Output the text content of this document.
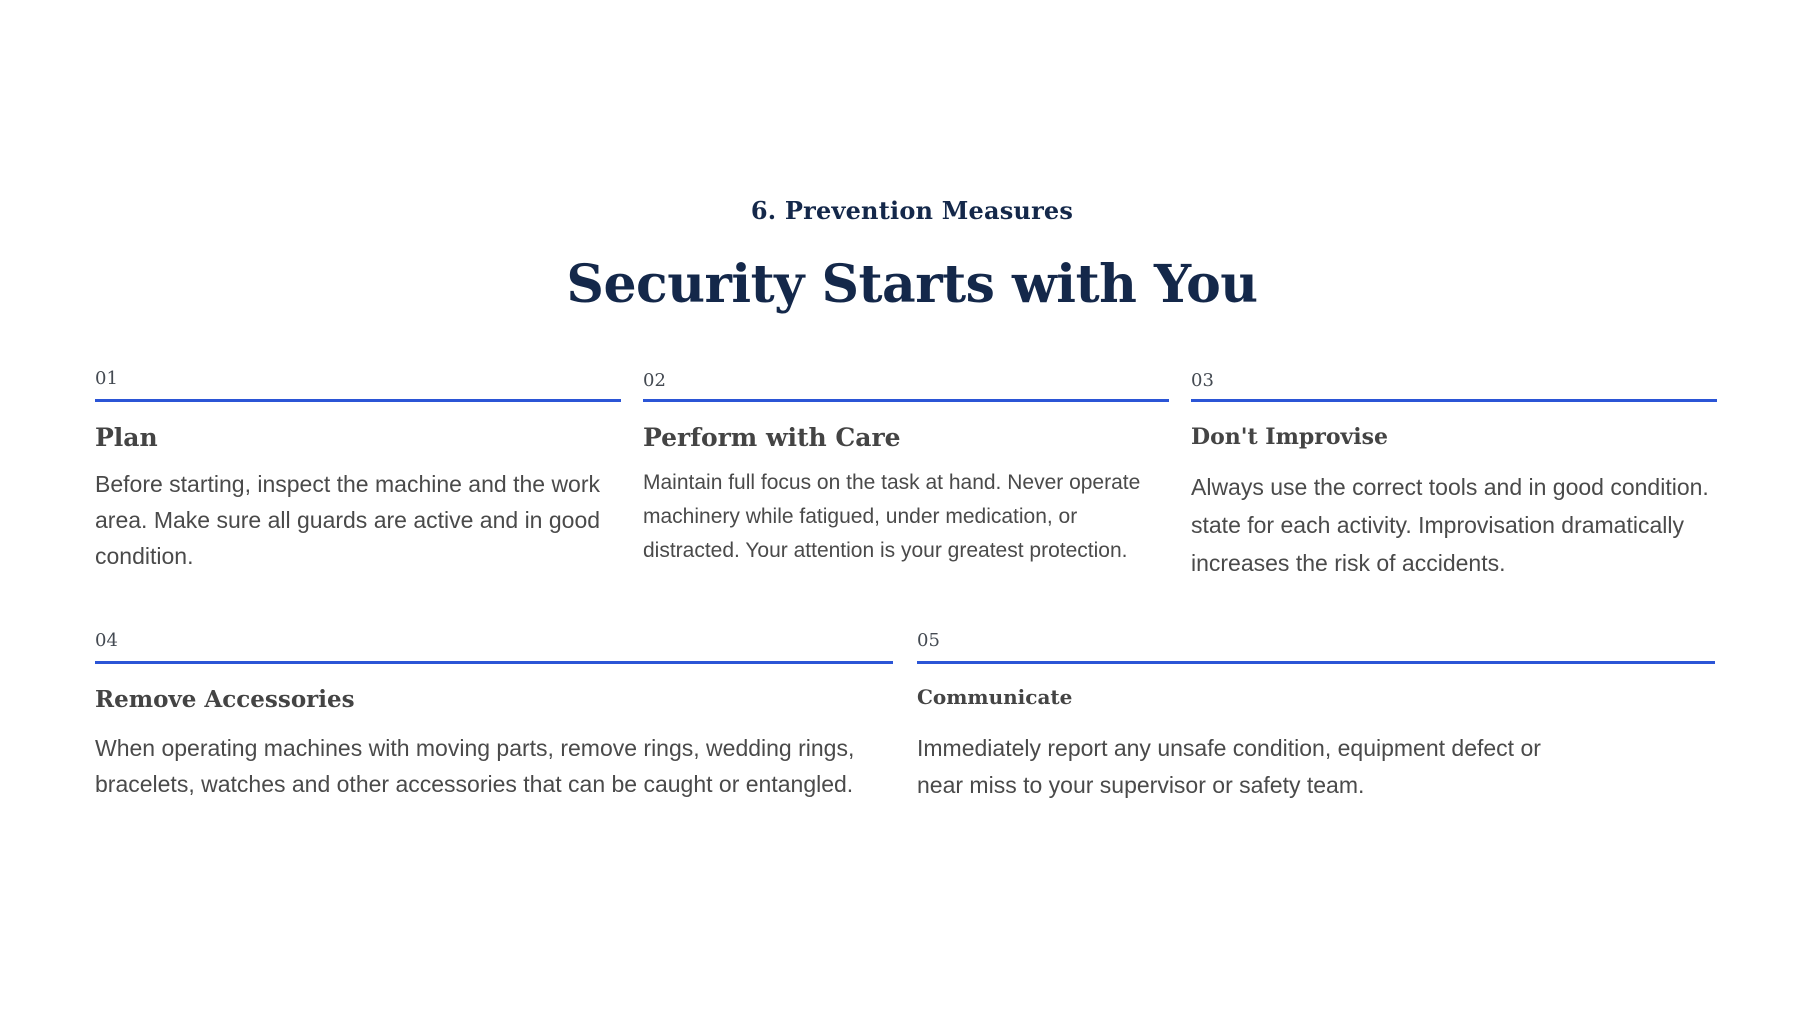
6. Prevention Measures
Security Starts with You
01
Plan
Before starting, inspect the machine and the work area. Make sure all guards are active and in good condition.
02
Perform with Care
Maintain full focus on the task at hand. Never operate machinery while fatigued, under medication, or distracted. Your attention is your greatest protection.
03
Don't Improvise
Always use the correct tools and in good condition. state for each activity. Improvisation dramatically increases the risk of accidents.
04
Remove Accessories
When operating machines with moving parts, remove rings, wedding rings, bracelets, watches and other accessories that can be caught or entangled.
05
Communicate
Immediately report any unsafe condition, equipment defect or near miss to your supervisor or safety team.
